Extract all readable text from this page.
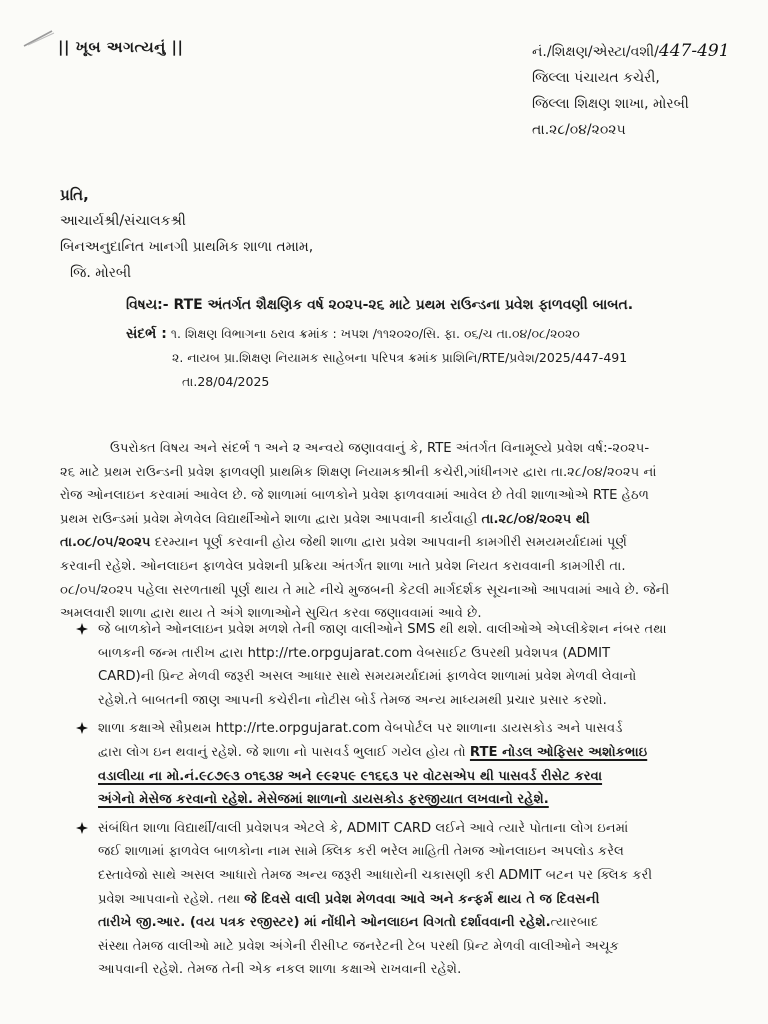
|| ખૂબ અગત્યનું ||	નં./શિક્ષણ/એસ્ટા/વશી/447-491
જિલ્લા પંચાયત કચેરી,
જિલ્લા શિક્ષણ શાખા, મોરબી
તા.૨૮/૦૪/૨૦૨૫
પ્રતિ,
આચાર્યશ્રી/સંચાલકશ્રી
બિનઅનુદાનિત ખાનગી પ્રાથમિક શાળા તમામ,
જિ. મોરબી
વિષય:- RTE અંતર્ગત શૈક્ષણિક વર્ષ ૨૦૨૫-૨૬ માટે પ્રથમ રાઉન્ડના પ્રવેશ ફાળવણી બાબત.
સંદર્ભ : ૧. શિક્ષણ વિભાગના ઠરાવ ક્રમાંક : ખપશ /૧૧૨૦૨૦/સિ. ફા. ૦૬/ચ તા.૦૪/૦૮/૨૦૨૦
૨. નાયબ પ્રા.શિક્ષણ નિયામક સાહેબના પરિપત્ર ક્રમાંક પ્રાશિનિ/RTE/પ્રવેશ/2025/447-491
તા.28/04/2025
ઉપરોક્ત વિષય અને સંદર્ભ ૧ અને ૨ અન્વયે જણાવવાનું કે, RTE અંતર્ગત વિનામૂલ્યે પ્રવેશ વર્ષ:-૨૦૨૫-
૨૬ માટે પ્રથમ રાઉન્ડની પ્રવેશ ફાળવણી પ્રાથમિક શિક્ષણ નિયામકશ્રીની કચેરી,ગાંધીનગર દ્વારા તા.૨૮/૦૪/૨૦૨૫ નાં
રોજ ઓનલાઇન કરવામાં આવેલ છે. જે શાળામાં બાળકોને પ્રવેશ ફાળવવામાં આવેલ છે તેવી શાળાઓએ RTE હેઠળ
પ્રથમ રાઉન્ડમાં પ્રવેશ મેળવેલ વિદ્યાર્થીઓને શાળા દ્વારા પ્રવેશ આપવાની કાર્યવાહી તા.૨૮/૦૪/૨૦૨૫ થી
તા.૦૮/૦૫/૨૦૨૫ દરમ્યાન પૂર્ણ કરવાની હોય જેથી શાળા દ્વારા પ્રવેશ આપવાની કામગીરી સમયમર્યાદામાં પૂર્ણ
કરવાની રહેશે. ઓનલાઇન ફાળવેલ પ્રવેશની પ્રક્રિયા અંતર્ગત શાળા ખાતે પ્રવેશ નિયત કરાવવાની કામગીરી તા.
૦૮/૦૫/૨૦૨૫ પહેલા સરળતાથી પૂર્ણ થાય તે માટે નીચે મુજબની કેટલી માર્ગદર્શક સૂચનાઓ આપવામાં આવે છે. જેની
અમલવારી શાળા દ્વારા થાય તે અંગે શાળાઓને સુચિત કરવા જણાવવામાં આવે છે.
જે બાળકોને ઓનલાઇન પ્રવેશ મળશે તેની જાણ વાલીઓને SMS થી થશે. વાલીઓએ એપ્લીકેશન નંબર તથા
બાળકની જન્મ તારીખ દ્વારા http://rte.orpgujarat.com વેબસાઈટ ઉપરથી પ્રવેશપત્ર (ADMIT
CARD)ની પ્રિન્ટ મેળવી જરૂરી અસલ આધાર સાથે સમયમર્યાદામાં ફાળવેલ શાળામાં પ્રવેશ મેળવી લેવાનો
રહેશે.તે બાબતની જાણ આપની કચેરીના નોટીસ બોર્ડ તેમજ અન્ય માધ્યમથી પ્રચાર પ્રસાર કરશો.
શાળા કક્ષાએ સૌપ્રથમ http://rte.orpgujarat.com વેબપોર્ટલ પર શાળાના ડાયસકોડ અને પાસવર્ડ
દ્વારા લોગ ઇન થવાનું રહેશે. જે શાળા નો પાસવર્ડ ભુલાઈ ગયેલ હોય તો RTE નોડલ ઓફિસર અશોકભાઇ
વડાલીયા ના મો.નં.૯૮૭૯૩ ૦૧૬૩૪ અને ૯૯૨૫૯ ૯૧૬૬૩ પર વોટસએપ થી પાસવર્ડ રીસેટ કરવા
અંગેનો મેસેજ કરવાનો રહેશે. મેસેજમાં શાળાનો ડાયસકોડ ફરજીયાત લખવાનો રહેશે.
સંબંધિત શાળા વિદ્યાર્થી/વાલી પ્રવેશપત્ર એટલે કે, ADMIT CARD લઈને આવે ત્યારે પોતાના લોગ ઇનમાં
જઈ શાળામાં ફાળવેલ બાળકોના નામ સામે ક્લિક કરી ભરેલ માહિતી તેમજ ઓનલાઇન અપલોડ કરેલ
દસ્તાવેજો સાથે અસલ આધારો તેમજ અન્ય જરૂરી આધારોની ચકાસણી કરી ADMIT બટન પર ક્લિક કરી
પ્રવેશ આપવાનો રહેશે. તથા જે દિવસે વાલી પ્રવેશ મેળવવા આવે અને કન્ફર્મ થાય તે જ દિવસની
તારીખે જી.આર. (વય પત્રક રજીસ્ટર) માં નોંધીને ઓનલાઇન વિગતો દર્શાવવાની રહેશે.ત્યારબાદ
સંસ્થા તેમજ વાલીઓ માટે પ્રવેશ અંગેની રીસીપ્ટ જનરેટની ટેબ પરથી પ્રિન્ટ મેળવી વાલીઓને અચૂક
આપવાની રહેશે. તેમજ તેની એક નકલ શાળા કક્ષાએ રાખવાની રહેશે.
